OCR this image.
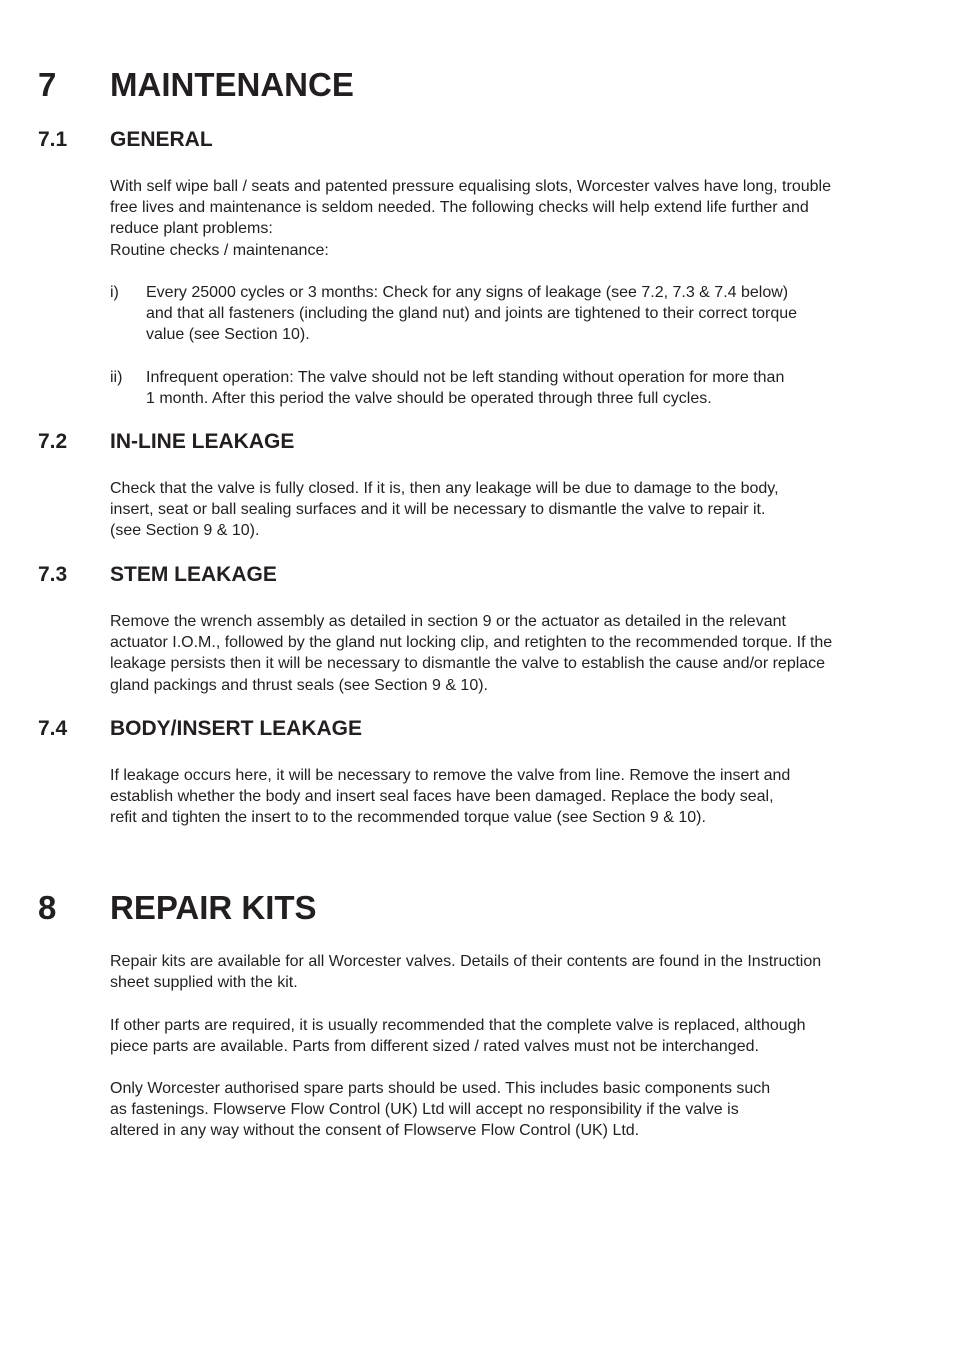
7 MAINTENANCE
7.1 GENERAL
With self wipe ball / seats and patented pressure equalising slots, Worcester valves have long, trouble
free lives and maintenance is seldom needed. The following checks will help extend life further and
reduce plant problems:
Routine checks / maintenance:
i) Every 25000 cycles or 3 months: Check for any signs of leakage (see 7.2, 7.3 & 7.4 below)
and that all fasteners (including the gland nut) and joints are tightened to their correct torque
value (see Section 10).
ii) Infrequent operation: The valve should not be left standing without operation for more than
1 month. After this period the valve should be operated through three full cycles.
7.2 IN-LINE LEAKAGE
Check that the valve is fully closed. If it is, then any leakage will be due to damage to the body,
insert, seat or ball sealing surfaces and it will be necessary to dismantle the valve to repair it.
(see Section 9 & 10).
7.3 STEM LEAKAGE
Remove the wrench assembly as detailed in section 9 or the actuator as detailed in the relevant
actuator I.O.M., followed by the gland nut locking clip, and retighten to the recommended torque. If the
leakage persists then it will be necessary to dismantle the valve to establish the cause and/or replace
gland packings and thrust seals (see Section 9 & 10).
7.4 BODY/INSERT LEAKAGE
If leakage occurs here, it will be necessary to remove the valve from line. Remove the insert and
establish whether the body and insert seal faces have been damaged. Replace the body seal,
refit and tighten the insert to to the recommended torque value (see Section 9 & 10).
8 REPAIR KITS
Repair kits are available for all Worcester valves. Details of their contents are found in the Instruction
sheet supplied with the kit.
If other parts are required, it is usually recommended that the complete valve is replaced, although
piece parts are available. Parts from different sized / rated valves must not be interchanged.
Only Worcester authorised spare parts should be used. This includes basic components such
as fastenings. Flowserve Flow Control (UK) Ltd will accept no responsibility if the valve is
altered in any way without the consent of Flowserve Flow Control (UK) Ltd.
